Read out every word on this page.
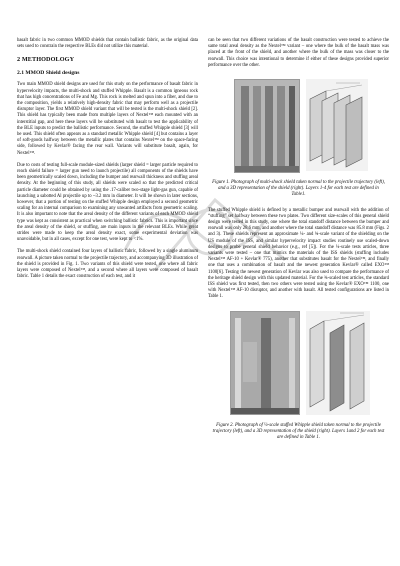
basalt fabric in two common MMOD shields that contain ballistic fabric, as the original data sets used to constrain the respective BLEs did not utilize this material.

2 METHODOLOGY
2.1 MMOD Shield designs

Two main MMOD shield designs are used for this study on the performance of basalt fabric in hypervelocity impacts, the multi-shock and stuffed Whipple. Basalt is a common igneous rock that has high concentrations of Fe and Mg. This rock is melted and spun into a fiber, and due to the composition, yields a relatively high-density fabric that may perform well as a projectile disruptor layer. The first MMOD shield variant that will be tested is the multi-shock shield [2]. This shield has typically been made from multiple layers of Nextel™ each mounted with an interstitial gap, and here these layers will be substituted with basalt to test the applicability of the BLE inputs to predict the ballistic performance. Second, the stuffed Whipple shield [3] will be used. This shield often appears as a standard metallic Whipple shield [4] but contains a layer of soft-goods halfway between the metallic plates that contains Nextel™ on the space-facing side, followed by Kevlar® facing the rear wall. Variants will substitute basalt, again, for Nextel™.

Due to costs of testing full-scale module-sized shields (larger shield = larger particle required to reach shield failure = larger gun need to launch projectile) all components of the shields have been geometrically scaled down, including the bumper and rearwall thickness and stuffing areal density. At the beginning of this study, all shields were scaled so that the predicted critical particle diameter could be obtained by using the .17-caliber two-stage light-gas gun, capable of launching a sabotted Al projectile up to ~3.2 mm in diameter. It will be shown in later sections, however, that a portion of testing on the stuffed Whipple design employed a second geometric scaling for an internal comparison to examining any unwanted artifacts from geometric scaling. It is also important to note that the areal density of the different variants of each MMOD shield type was kept as consistent as practical when switching ballistic fabrics. This is important since the areal density of the shield, or stuffing, are main inputs in the relevant BLEs. While great strides were made to keep the areal density exact, some experimental deviation was unavoidable, but in all cases, except for one test, were kept to <1%.

The multi-shock shield contained four layers of ballistic fabric, followed by a single aluminum rearwall. A picture taken normal to the projectile trajectory, and accompanying 3D illustration of the shield is provided in Fig. 1. Two variants of this shield were tested, one where all fabric layers were composed of Nextel™, and a second where all layers were composed of basalt fabric. Table 1 details the exact construction of each test, and it

can be seen that two different variations of the basalt construction were tested to achieve the same total areal density as the Nextel™ variant – one where the bulk of the basalt mass was placed at the front of the shield, and another where the bulk of the mass was closer to the rearwall. This choice was intentional to determine if either of these designs provided superior performance over the other.

Figure 1. Photograph of multi-shock shield taken normal to the projectile trajectory (left), and a 3D representation of the shield (right). Layers 1-4 for each test are defined in Table1.

The stuffed Whipple shield is defined by a metallic bumper and rearwall with the addition of “stuffing” set halfway between these two plates. Two different size-scales of this general shield design were tested in this study, one where the total standoff distance between the bumper and rearwall was only 28.6 mm, and another where the total standoff distance was 85.8 mm (Figs. 2 and 3). These shields represent an approximate ¼- and ¾-scale variant of the shielding on the US module of the ISS, and similar hypervelocity impact studies routinely use scaled-down designs to probe general shield behavior (e.g., ref [5]). For the ¼-scale tests articles, three variants were tested – one that mimics the materials of the ISS shields (stuffing includes Nextel™ AF-10 + Kevlar® 775), another that substitutes basalt for the Nextel™, and finally one that uses a combination of basalt and the newest generation Kevlar® called EXO™ 1100[6]. Testing the newest generation of Kevlar was also used to compare the performance of the heritage shield design with this updated material. For the ¾-scaled test articles, the standard ISS shield was first tested, then two others were tested using the Kevlar® EXO™ 1100, one with Nextel™ AF-10 disruptor, and another with basalt. All tested configurations are listed in Table 1.

Figure 2. Photograph of ¼-scale stuffed Whipple shield taken normal to the projectile trajectory (left), and a 3D representation of the shield (right). Layers 1and 2 for each test are defined in Table 1.
